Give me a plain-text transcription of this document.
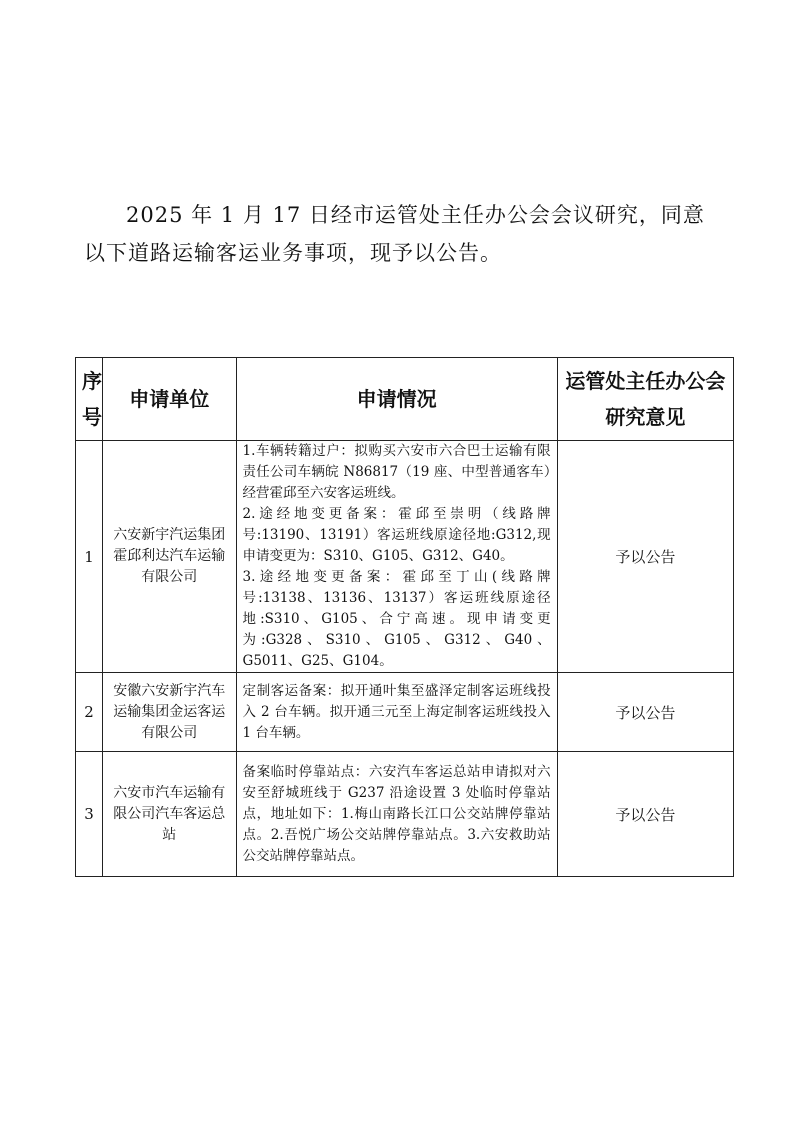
2025 年 1 月 17 日经市运管处主任办公会会议研究，同意以下道路运输客运业务事项，现予以公告。

序号	申请单位	申请情况	运管处主任办公会研究意见
1	六安新宇汽运集团霍邱利达汽车运输有限公司	1.车辆转籍过户：拟购买六安市六合巴士运输有限责任公司车辆皖 N86817（19 座、中型普通客车）经营霍邱至六安客运班线。
2.途经地变更备案：霍邱至崇明（线路牌号:13190、13191）客运班线原途径地:G312,现申请变更为：S310、G105、G312、G40。
3.途经地变更备案：霍邱至丁山(线路牌号:13138、13136、13137）客运班线原途径地:S310、G105、合宁高速。现申请变更为:G328、S310、G105、G312、G40、G5011、G25、G104。	予以公告
2	安徽六安新宇汽车运输集团金运客运有限公司	定制客运备案：拟开通叶集至盛泽定制客运班线投入 2 台车辆。拟开通三元至上海定制客运班线投入 1 台车辆。	予以公告
3	六安市汽车运输有限公司汽车客运总站	备案临时停靠站点：六安汽车客运总站申请拟对六安至舒城班线于 G237 沿途设置 3 处临时停靠站点，地址如下：1.梅山南路长江口公交站牌停靠站点。2.吾悦广场公交站牌停靠站点。3.六安救助站公交站牌停靠站点。	予以公告
